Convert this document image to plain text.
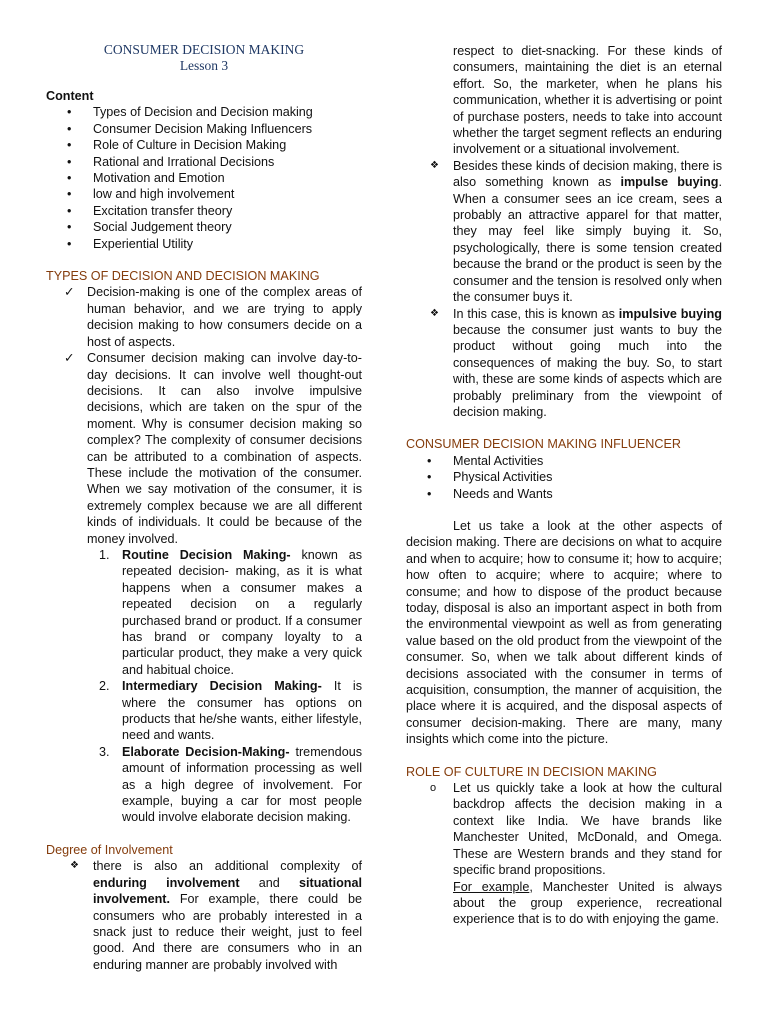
CONSUMER DECISION MAKING
Lesson 3
Content
• Types of Decision and Decision making
• Consumer Decision Making Influencers
• Role of Culture in Decision Making
• Rational and Irrational Decisions
• Motivation and Emotion
• low and high involvement
• Excitation transfer theory
• Social Judgement theory
• Experiential Utility
TYPES OF DECISION AND DECISION MAKING
✓ Decision-making is one of the complex areas of human behavior, and we are trying to apply decision making to how consumers decide on a host of aspects.
✓ Consumer decision making can involve day-to-day decisions. It can involve well thought-out decisions. It can also involve impulsive decisions, which are taken on the spur of the moment. Why is consumer decision making so complex? The complexity of consumer decisions can be attributed to a combination of aspects. These include the motivation of the consumer. When we say motivation of the consumer, it is extremely complex because we are all different kinds of individuals. It could be because of the money involved.
1. Routine Decision Making- known as repeated decision- making, as it is what happens when a consumer makes a repeated decision on a regularly purchased brand or product. If a consumer has brand or company loyalty to a particular product, they make a very quick and habitual choice.
2. Intermediary Decision Making- It is where the consumer has options on products that he/she wants, either lifestyle, need and wants.
3. Elaborate Decision-Making- tremendous amount of information processing as well as a high degree of involvement. For example, buying a car for most people would involve elaborate decision making.
Degree of Involvement
❖ there is also an additional complexity of enduring involvement and situational involvement. For example, there could be consumers who are probably interested in a snack just to reduce their weight, just to feel good. And there are consumers who in an enduring manner are probably involved with
respect to diet-snacking. For these kinds of consumers, maintaining the diet is an eternal effort. So, the marketer, when he plans his communication, whether it is advertising or point of purchase posters, needs to take into account whether the target segment reflects an enduring involvement or a situational involvement.
❖ Besides these kinds of decision making, there is also something known as impulse buying. When a consumer sees an ice cream, sees a probably an attractive apparel for that matter, they may feel like simply buying it. So, psychologically, there is some tension created because the brand or the product is seen by the consumer and the tension is resolved only when the consumer buys it.
❖ In this case, this is known as impulsive buying because the consumer just wants to buy the product without going much into the consequences of making the buy. So, to start with, these are some kinds of aspects which are probably preliminary from the viewpoint of decision making.
CONSUMER DECISION MAKING INFLUENCER
• Mental Activities
• Physical Activities
• Needs and Wants
Let us take a look at the other aspects of decision making. There are decisions on what to acquire and when to acquire; how to consume it; how to acquire; how often to acquire; where to acquire; where to consume; and how to dispose of the product because today, disposal is also an important aspect in both from the environmental viewpoint as well as from generating value based on the old product from the viewpoint of the consumer. So, when we talk about different kinds of decisions associated with the consumer in terms of acquisition, consumption, the manner of acquisition, the place where it is acquired, and the disposal aspects of consumer decision-making. There are many, many insights which come into the picture.
ROLE OF CULTURE IN DECISION MAKING
o Let us quickly take a look at how the cultural backdrop affects the decision making in a context like India. We have brands like Manchester United, McDonald, and Omega. These are Western brands and they stand for specific brand propositions.
For example, Manchester United is always about the group experience, recreational experience that is to do with enjoying the game.
